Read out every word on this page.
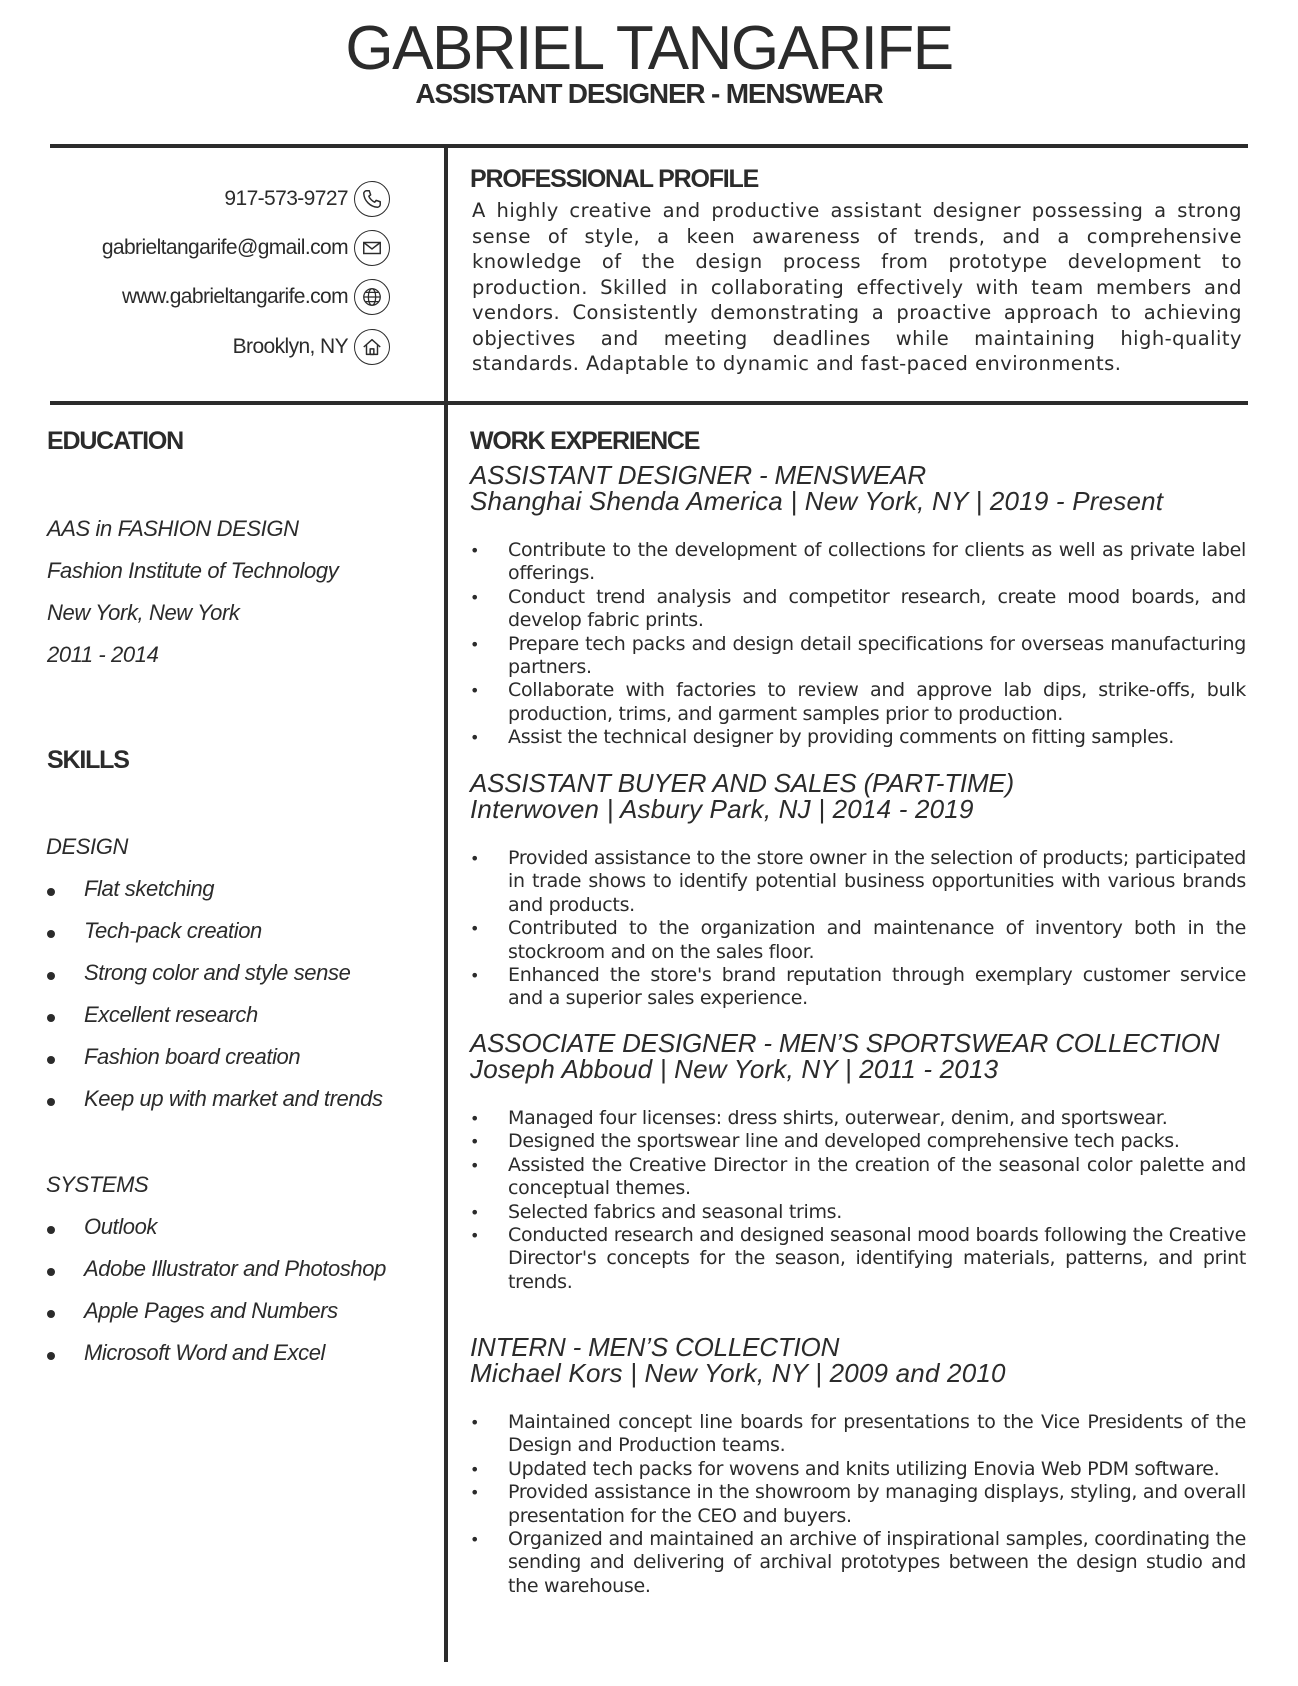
GABRIEL TANGARIFE
ASSISTANT DESIGNER - MENSWEAR
917-573-9727
gabrieltangarife@gmail.com
www.gabrieltangarife.com
Brooklyn, NY
PROFESSIONAL PROFILE
A highly creative and productive assistant designer possessing a strong sense of style, a keen awareness of trends, and a comprehensive knowledge of the design process from prototype development to production. Skilled in collaborating effectively with team members and vendors. Consistently demonstrating a proactive approach to achieving objectives and meeting deadlines while maintaining high-quality standards. Adaptable to dynamic and fast-paced environments.
EDUCATION
AAS in FASHION DESIGN
Fashion Institute of Technology
New York, New York
2011 - 2014
SKILLS
DESIGN
Flat sketching
Tech-pack creation
Strong color and style sense
Excellent research
Fashion board creation
Keep up with market and trends
SYSTEMS
Outlook
Adobe Illustrator and Photoshop
Apple Pages and Numbers
Microsoft Word and Excel
WORK EXPERIENCE
ASSISTANT DESIGNER - MENSWEAR
Shanghai Shenda America | New York, NY | 2019 - Present
• Contribute to the development of collections for clients as well as private label offerings.
• Conduct trend analysis and competitor research, create mood boards, and develop fabric prints.
• Prepare tech packs and design detail specifications for overseas manufacturing partners.
• Collaborate with factories to review and approve lab dips, strike-offs, bulk production, trims, and garment samples prior to production.
• Assist the technical designer by providing comments on fitting samples.
ASSISTANT BUYER AND SALES (PART-TIME)
Interwoven | Asbury Park, NJ | 2014 - 2019
• Provided assistance to the store owner in the selection of products; participated in trade shows to identify potential business opportunities with various brands and products.
• Contributed to the organization and maintenance of inventory both in the stockroom and on the sales floor.
• Enhanced the store's brand reputation through exemplary customer service and a superior sales experience.
ASSOCIATE DESIGNER - MEN’S SPORTSWEAR COLLECTION
Joseph Abboud | New York, NY | 2011 - 2013
• Managed four licenses: dress shirts, outerwear, denim, and sportswear.
• Designed the sportswear line and developed comprehensive tech packs.
• Assisted the Creative Director in the creation of the seasonal color palette and conceptual themes.
• Selected fabrics and seasonal trims.
• Conducted research and designed seasonal mood boards following the Creative Director's concepts for the season, identifying materials, patterns, and print trends.
INTERN - MEN’S COLLECTION
Michael Kors | New York, NY | 2009 and 2010
• Maintained concept line boards for presentations to the Vice Presidents of the Design and Production teams.
• Updated tech packs for wovens and knits utilizing Enovia Web PDM software.
• Provided assistance in the showroom by managing displays, styling, and overall presentation for the CEO and buyers.
• Organized and maintained an archive of inspirational samples, coordinating the sending and delivering of archival prototypes between the design studio and the warehouse.
